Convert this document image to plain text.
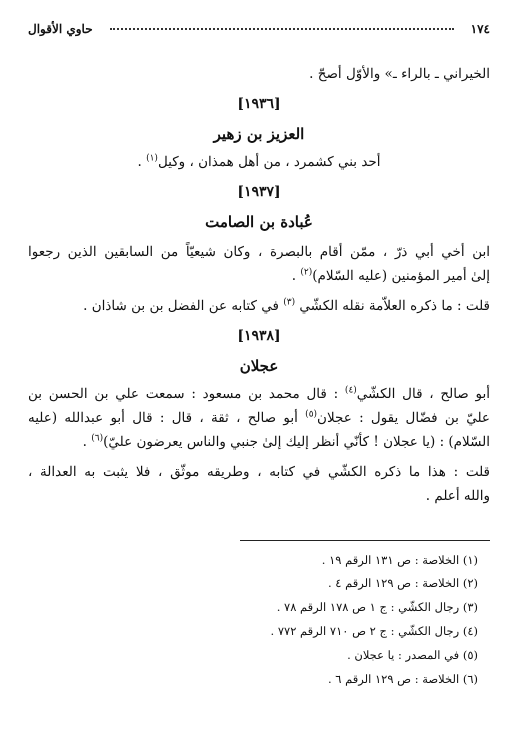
١٧٤
حاوي الأقوال
الخيراني ـ بالراء ـ» والأوّل أصحّ .
[١٩٣٦]
العزيز بن زهير
أحد بني كشمرد ، من أهل همذان ، وكيل$^{(١)}$ .
[١٩٣٧]
عُبادة بن الصامت
ابن أخي أبي ذرّ ، ممّن أقام بالبصرة ، وكان شيعيّاً من السابقين الذين رجعوا
إلىٰ أمير المؤمنين (عليه السّلام)$^{(٢)}$ .
قلت : ما ذكره العلاّمة نقله الكشّي $^{(٣)}$ في كتابه عن الفضل بن بن شاذان .
[١٩٣٨]
عجلان
أبو صالح ، قال الكشّي$^{(٤)}$ : قال محمد بن مسعود : سمعت علي بن الحسن بن
عليّ بن فضّال يقول : عجلان$^{(٥)}$ أبو صالح ، ثقة ، قال : قال أبو عبدالله (عليه
السّلام) : (يا عجلان ! كأنّي أنظر إليك إلىٰ جنبي والناس يعرضون عليّ)$^{(٦)}$ .
قلت : هذا ما ذكره الكشّي في كتابه ، وطريقه موثّق ، فلا يثبت به العدالة ،
والله أعلم .
(١) الخلاصة : ص ١٣١ الرقم ١٩ .
(٢) الخلاصة : ص ١٢٩ الرقم ٤ .
(٣) رجال الكشّي : ج ١ ص ١٧٨ الرقم ٧٨ .
(٤) رجال الكشّي : ج ٢ ص ٧١٠ الرقم ٧٧٢ .
(٥) في المصدر : يا عجلان .
(٦) الخلاصة : ص ١٢٩ الرقم ٦ .
